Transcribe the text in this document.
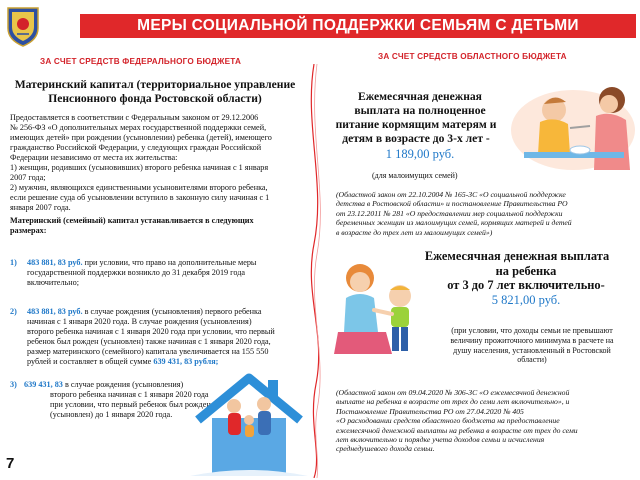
МЕРЫ СОЦИАЛЬНОЙ ПОДДЕРЖКИ СЕМЬЯМ С ДЕТЬМИ
ЗА СЧЕТ СРЕДСТВ ФЕДЕРАЛЬНОГО БЮДЖЕТА
ЗА СЧЕТ СРЕДСТВ ОБЛАСТНОГО БЮДЖЕТА
Материнский капитал (территориальное управление
Пенсионного фонда Ростовской области)
Предоставляется в соответствии с Федеральным законом от 29.12.2006
№ 256-ФЗ «О дополнительных мерах государственной поддержки семей,
имеющих детей» при рождении (усыновлении) ребенка (детей), имеющего
гражданство Российской Федерации, у следующих граждан Российской
Федерации независимо от места их жительства:
1) женщин, родивших (усыновивших) второго ребенка начиная с 1 января
2007 года;
2) мужчин, являющихся единственными усыновителями второго ребенка,
если решение суда об усыновлении вступило в законную силу начиная с 1
января 2007 года.
Материнский (семейный) капитал устанавливается в следующих
размерах:
1) 483 881, 83 руб. при условии, что право на дополнительные меры
государственной поддержки возникло до 31 декабря 2019 года
включительно;
2) 483 881, 83 руб. в случае рождения (усыновления) первого ребенка
начиная с 1 января 2020 года. В случае рождения (усыновления)
второго ребенка начиная с 1 января 2020 года при условии, что первый
ребенок был рожден (усыновлен) также начиная с 1 января 2020 года,
размер материнского (семейного) капитала увеличивается на 155 550
рублей и составляет в общей сумме 639 431, 83 рубля;
3) 639 431, 83 в случае рождения (усыновления)
второго ребенка начиная с 1 января 2020 года
при условии, что первый ребенок был рожден
(усыновлен) до 1 января 2020 года.
Ежемесячная денежная
выплата на полноценное
питание кормящим матерям и
детям в возрасте до 3-х лет -
1 189,00 руб.
(для малоимущих семей)
(Областной закон от 22.10.2004 № 165-ЗС «О социальной поддержке
детства в Ростовской области» и постановление Правительства РО
от 23.12.2011 № 281 «О предоставлении мер социальной поддержки
беременных женщин из малоимущих семей, кормящих матерей и детей
в возрасте до трех лет из малоимущих семей»)
Ежемесячная денежная выплата
на ребенка
от 3 до 7 лет включительно-
5 821,00 руб.
(при условии, что доходы семьи не превышают
величину прожиточного минимума в расчете на
душу населения, установленный в Ростовской
области)
(Областной закон от 09.04.2020 № 306-ЗС «О ежемесячной денежной
выплате на ребенка в возрасте от трех до семи лет включительно», и
Постановление Правительства РО от 27.04.2020 № 405
«О расходовании средств областного бюджета на предоставление
ежемесячной денежной выплаты на ребенка в возрасте от трех до семи
лет включительно и порядке учета доходов семьи и исчисления
среднедушевого дохода семьи.
7
